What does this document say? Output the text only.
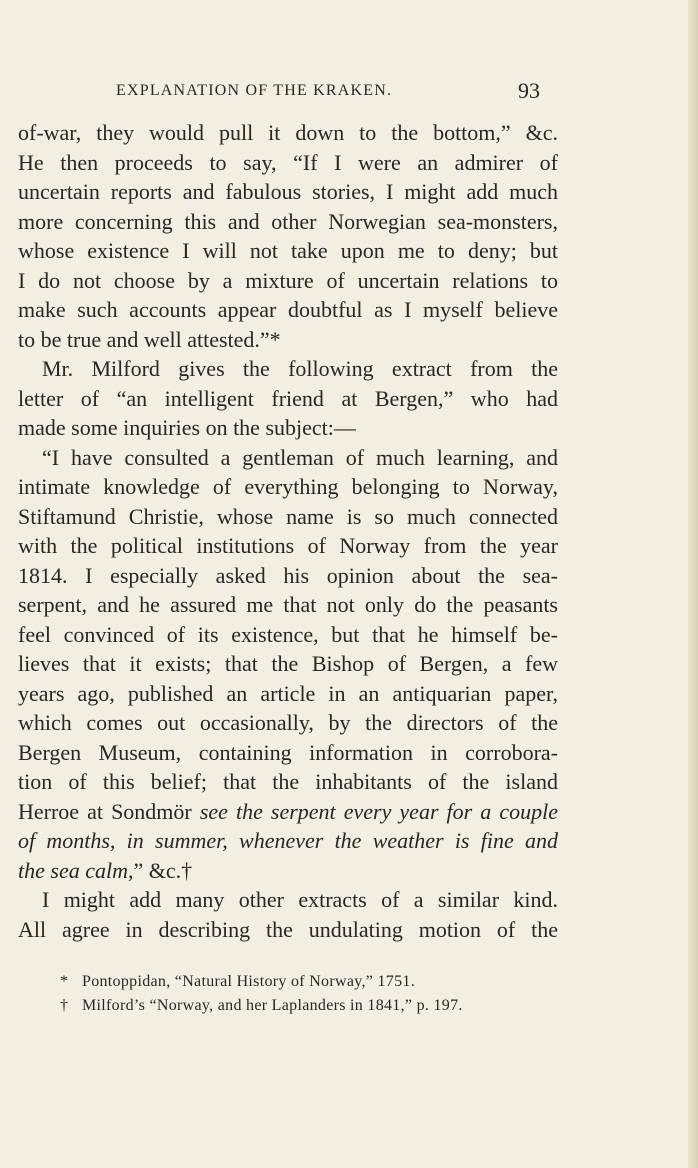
EXPLANATION OF THE KRAKEN.	93
of-war, they would pull it down to the bottom,” &c.
He then proceeds to say, “If I were an admirer of
uncertain reports and fabulous stories, I might add much
more concerning this and other Norwegian sea-monsters,
whose existence I will not take upon me to deny; but
I do not choose by a mixture of uncertain relations to
make such accounts appear doubtful as I myself believe
to be true and well attested.”*
Mr. Milford gives the following extract from the
letter of “an intelligent friend at Bergen,” who had
made some inquiries on the subject:—
“I have consulted a gentleman of much learning, and
intimate knowledge of everything belonging to Norway,
Stiftamund Christie, whose name is so much connected
with the political institutions of Norway from the year
1814. I especially asked his opinion about the sea-
serpent, and he assured me that not only do the peasants
feel convinced of its existence, but that he himself be-
lieves that it exists; that the Bishop of Bergen, a few
years ago, published an article in an antiquarian paper,
which comes out occasionally, by the directors of the
Bergen Museum, containing information in corrobora-
tion of this belief; that the inhabitants of the island
Herroe at Sondmör see the serpent every year for a couple
of months, in summer, whenever the weather is fine and
the sea calm,” &c.†
I might add many other extracts of a similar kind.
All agree in describing the undulating motion of the
* Pontoppidan, “Natural History of Norway,” 1751.
† Milford’s “Norway, and her Laplanders in 1841,” p. 197.
